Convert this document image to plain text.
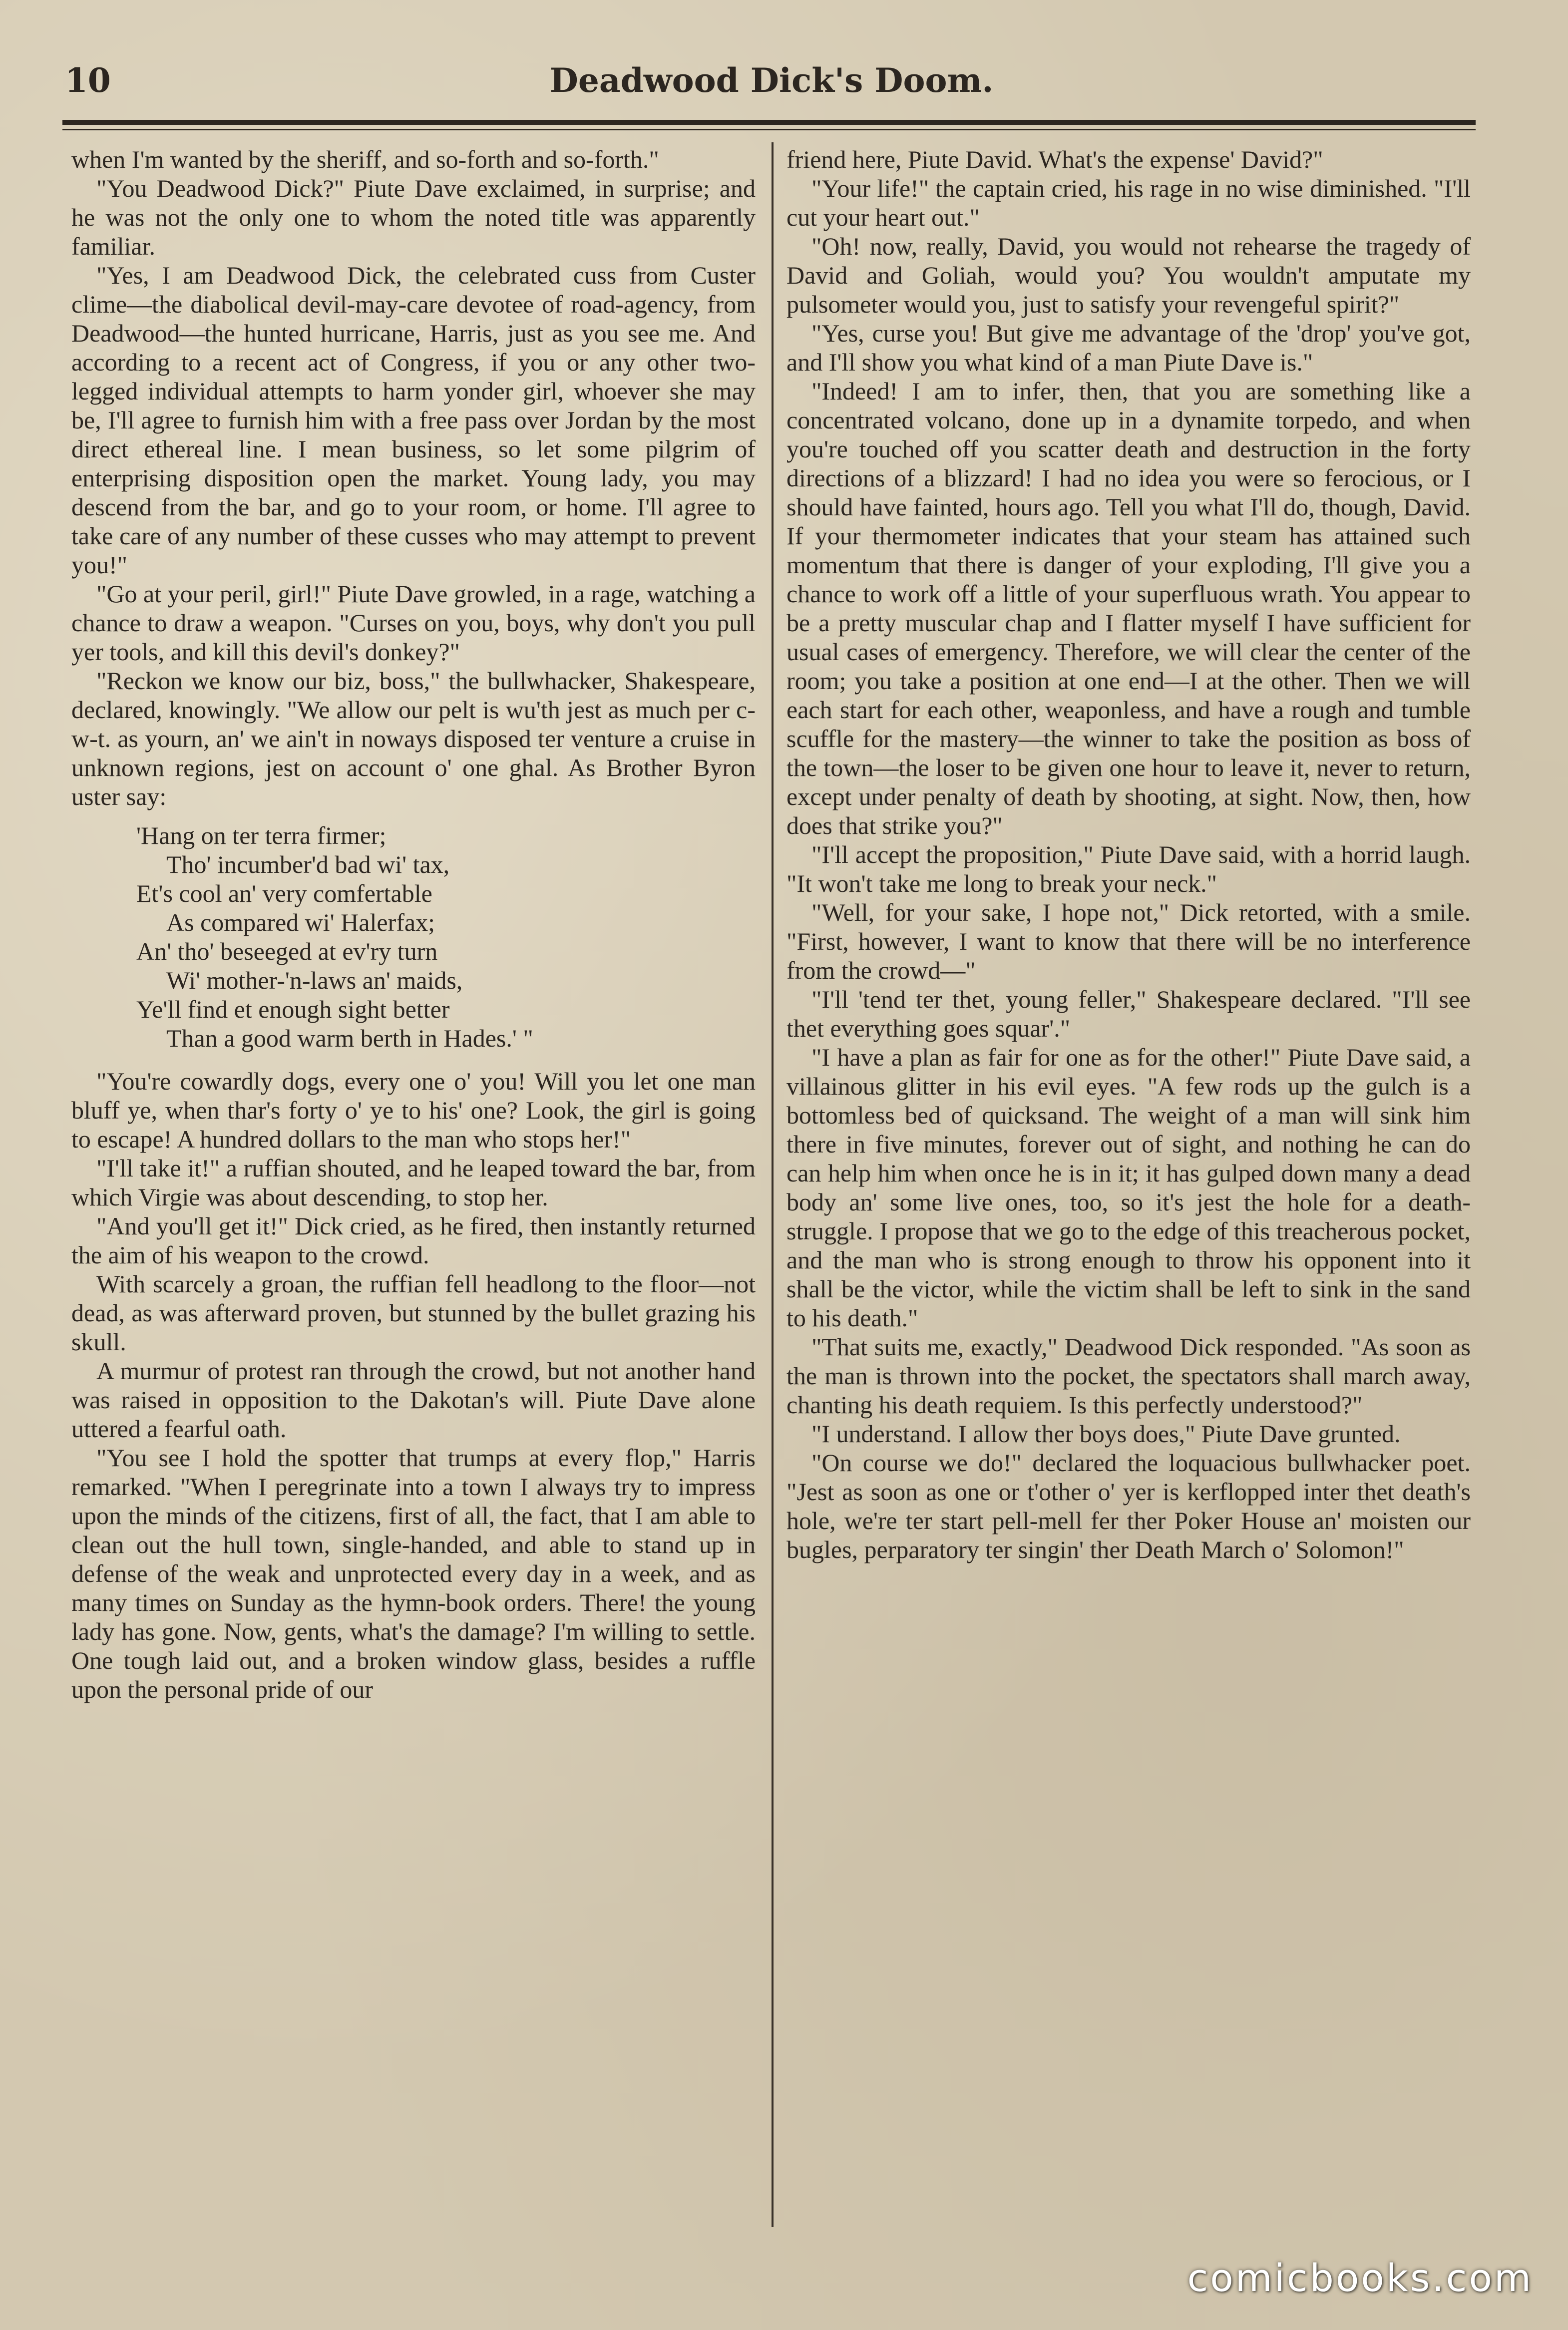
10	Deadwood Dick's Doom.

when I'm wanted by the sheriff, and so-forth and so-forth."

"You Deadwood Dick?" Piute Dave exclaimed, in surprise; and he was not the only one to whom the noted title was apparently familiar.

"Yes, I am Deadwood Dick, the celebrated cuss from Custer clime—the diabolical devil-may-care devotee of road-agency, from Deadwood—the hunted hurricane, Harris, just as you see me. And according to a recent act of Congress, if you or any other two-legged individual attempts to harm yonder girl, whoever she may be, I'll agree to furnish him with a free pass over Jordan by the most direct ethereal line. I mean business, so let some pilgrim of enterprising disposition open the market. Young lady, you may descend from the bar, and go to your room, or home. I'll agree to take care of any number of these cusses who may attempt to prevent you!"

"Go at your peril, girl!" Piute Dave growled, in a rage, watching a chance to draw a weapon. "Curses on you, boys, why don't you pull yer tools, and kill this devil's donkey?"

"Reckon we know our biz, boss," the bullwhacker, Shakespeare, declared, knowingly. "We allow our pelt is wu'th jest as much per c-w-t. as yourn, an' we ain't in noways disposed ter venture a cruise in unknown regions, jest on account o' one ghal. As Brother Byron uster say:

'Hang on ter terra firmer;
Tho' incumber'd bad wi' tax,
Et's cool an' very comfertable
As compared wi' Halerfax;
An' tho' beseeged at ev'ry turn
Wi' mother-'n-laws an' maids,
Ye'll find et enough sight better
Than a good warm berth in Hades.' "

"You're cowardly dogs, every one o' you! Will you let one man bluff ye, when thar's forty o' ye to his' one? Look, the girl is going to escape! A hundred dollars to the man who stops her!"

"I'll take it!" a ruffian shouted, and he leaped toward the bar, from which Virgie was about descending, to stop her.

"And you'll get it!" Dick cried, as he fired, then instantly returned the aim of his weapon to the crowd.

With scarcely a groan, the ruffian fell headlong to the floor—not dead, as was afterward proven, but stunned by the bullet grazing his skull.

A murmur of protest ran through the crowd, but not another hand was raised in opposition to the Dakotan's will. Piute Dave alone uttered a fearful oath.

"You see I hold the spotter that trumps at every flop," Harris remarked. "When I peregrinate into a town I always try to impress upon the minds of the citizens, first of all, the fact, that I am able to clean out the hull town, single-handed, and able to stand up in defense of the weak and unprotected every day in a week, and as many times on Sunday as the hymn-book orders. There! the young lady has gone. Now, gents, what's the damage? I'm willing to settle. One tough laid out, and a broken window glass, besides a ruffle upon the personal pride of our

friend here, Piute David. What's the expense' David?"

"Your life!" the captain cried, his rage in no wise diminished. "I'll cut your heart out."

"Oh! now, really, David, you would not rehearse the tragedy of David and Goliah, would you? You wouldn't amputate my pulsometer would you, just to satisfy your revengeful spirit?"

"Yes, curse you! But give me advantage of the 'drop' you've got, and I'll show you what kind of a man Piute Dave is."

"Indeed! I am to infer, then, that you are something like a concentrated volcano, done up in a dynamite torpedo, and when you're touched off you scatter death and destruction in the forty directions of a blizzard! I had no idea you were so ferocious, or I should have fainted, hours ago. Tell you what I'll do, though, David. If your thermometer indicates that your steam has attained such momentum that there is danger of your exploding, I'll give you a chance to work off a little of your superfluous wrath. You appear to be a pretty muscular chap and I flatter myself I have sufficient for usual cases of emergency. Therefore, we will clear the center of the room; you take a position at one end—I at the other. Then we will each start for each other, weaponless, and have a rough and tumble scuffle for the mastery—the winner to take the position as boss of the town—the loser to be given one hour to leave it, never to return, except under penalty of death by shooting, at sight. Now, then, how does that strike you?"

"I'll accept the proposition," Piute Dave said, with a horrid laugh. "It won't take me long to break your neck."

"Well, for your sake, I hope not," Dick retorted, with a smile. "First, however, I want to know that there will be no interference from the crowd—"

"I'll 'tend ter thet, young feller," Shakespeare declared. "I'll see thet everything goes squar'."

"I have a plan as fair for one as for the other!" Piute Dave said, a villainous glitter in his evil eyes. "A few rods up the gulch is a bottomless bed of quicksand. The weight of a man will sink him there in five minutes, forever out of sight, and nothing he can do can help him when once he is in it; it has gulped down many a dead body an' some live ones, too, so it's jest the hole for a death-struggle. I propose that we go to the edge of this treacherous pocket, and the man who is strong enough to throw his opponent into it shall be the victor, while the victim shall be left to sink in the sand to his death."

"That suits me, exactly," Deadwood Dick responded. "As soon as the man is thrown into the pocket, the spectators shall march away, chanting his death requiem. Is this perfectly understood?"

"I understand. I allow ther boys does," Piute Dave grunted.

"On course we do!" declared the loquacious bullwhacker poet. "Jest as soon as one or t'other o' yer is kerflopped inter thet death's hole, we're ter start pell-mell fer ther Poker House an' moisten our bugles, perparatory ter singin' ther Death March o' Solomon!"

comicbooks.com
